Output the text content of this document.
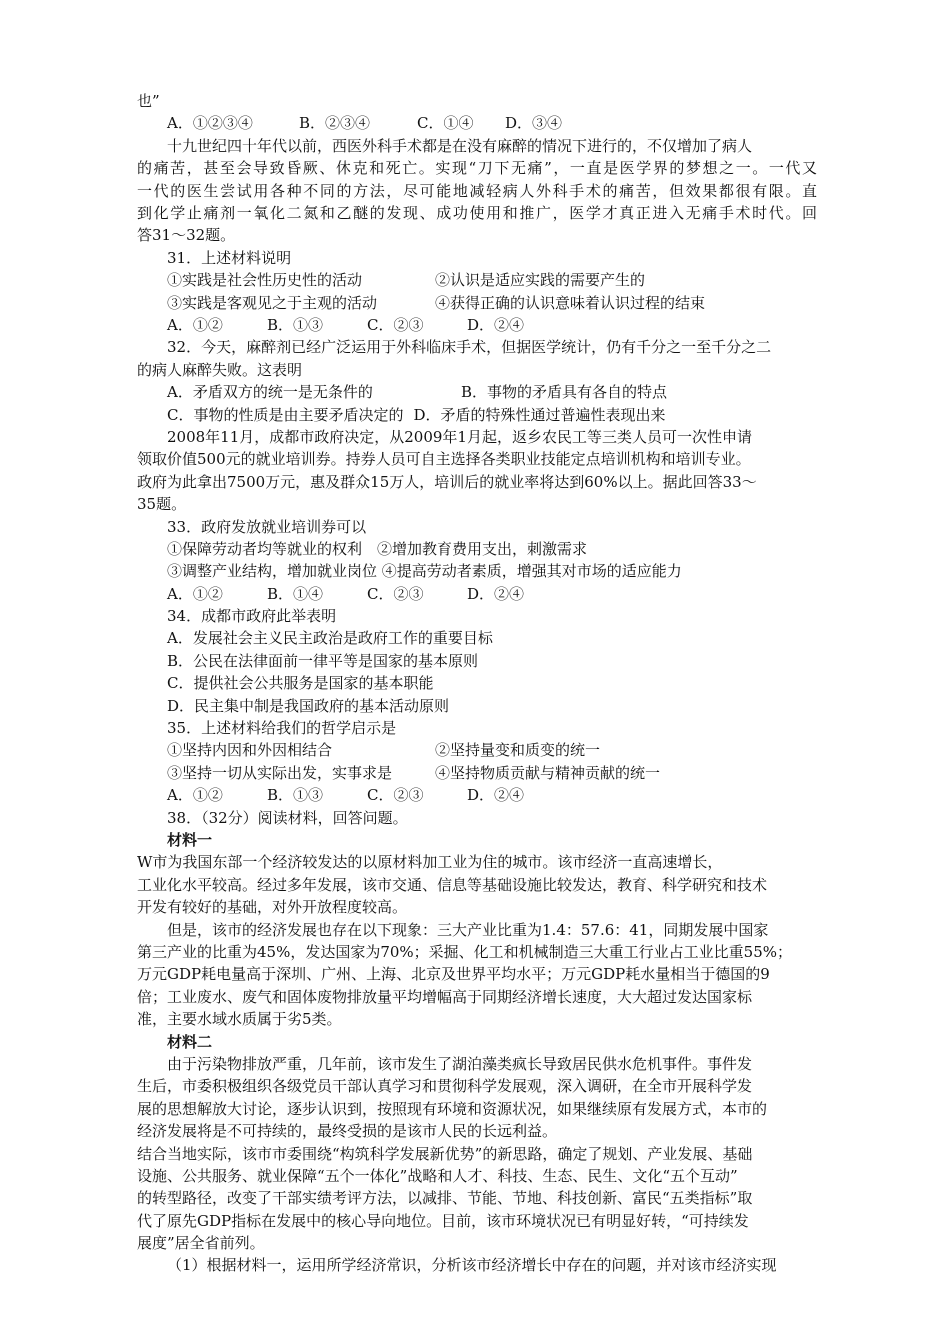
也”
A．①②③④	B．②③④	C．①④	D．③④
十九世纪四十年代以前，西医外科手术都是在没有麻醉的情况下进行的，不仅增加了病人
的痛苦，甚至会导致昏厥、休克和死亡。实现“刀下无痛”，一直是医学界的梦想之一。一代又
一代的医生尝试用各种不同的方法，尽可能地减轻病人外科手术的痛苦，但效果都很有限。直
到化学止痛剂一氧化二氮和乙醚的发现、成功使用和推广，医学才真正进入无痛手术时代。回
答31～32题。
31．上述材料说明
①实践是社会性历史性的活动	②认识是适应实践的需要产生的
③实践是客观见之于主观的活动	④获得正确的认识意味着认识过程的结束
A．①②	B．①③	C．②③	D．②④
32．今天，麻醉剂已经广泛运用于外科临床手术，但据医学统计，仍有千分之一至千分之二
的病人麻醉失败。这表明
A．矛盾双方的统一是无条件的	B．事物的矛盾具有各自的特点
C．事物的性质是由主要矛盾决定的 D．矛盾的特殊性通过普遍性表现出来
2008年11月，成都市政府决定，从2009年1月起，返乡农民工等三类人员可一次性申请
领取价值500元的就业培训券。持券人员可自主选择各类职业技能定点培训机构和培训专业。
政府为此拿出7500万元，惠及群众15万人，培训后的就业率将达到60%以上。据此回答33～
35题。
33．政府发放就业培训券可以
①保障劳动者均等就业的权利　②增加教育费用支出，刺激需求
③调整产业结构，增加就业岗位 ④提高劳动者素质，增强其对市场的适应能力
A．①②	B．①④	C．②③	D．②④
34．成都市政府此举表明
A．发展社会主义民主政治是政府工作的重要目标
B．公民在法律面前一律平等是国家的基本原则
C．提供社会公共服务是国家的基本职能
D．民主集中制是我国政府的基本活动原则
35．上述材料给我们的哲学启示是
①坚持内因和外因相结合	②坚持量变和质变的统一
③坚持一切从实际出发，实事求是	④坚持物质贡献与精神贡献的统一
A．①②	B．①③	C．②③	D．②④
38．（32分）阅读材料，回答问题。
材料一
W市为我国东部一个经济较发达的以原材料加工业为住的城市。该市经济一直高速增长，
工业化水平较高。经过多年发展，该市交通、信息等基础设施比较发达，教育、科学研究和技术
开发有较好的基础，对外开放程度较高。
但是，该市的经济发展也存在以下现象：三大产业比重为1.4：57.6：41，同期发展中国家
第三产业的比重为45%，发达国家为70%；采掘、化工和机械制造三大重工行业占工业比重55%；
万元GDP耗电量高于深圳、广州、上海、北京及世界平均水平；万元GDP耗水量相当于德国的9
倍；工业废水、废气和固体废物排放量平均增幅高于同期经济增长速度，大大超过发达国家标
准，主要水域水质属于劣5类。
材料二
由于污染物排放严重，几年前，该市发生了湖泊藻类疯长导致居民供水危机事件。事件发
生后，市委积极组织各级党员干部认真学习和贯彻科学发展观，深入调研，在全市开展科学发
展的思想解放大讨论，逐步认识到，按照现有环境和资源状况，如果继续原有发展方式，本市的
经济发展将是不可持续的，最终受损的是该市人民的长远利益。
结合当地实际，该市市委围绕“构筑科学发展新优势”的新思路，确定了规划、产业发展、基础
设施、公共服务、就业保障“五个一体化”战略和人才、科技、生态、民生、文化“五个互动”
的转型路径，改变了干部实绩考评方法，以减排、节能、节地、科技创新、富民“五类指标”取
代了原先GDP指标在发展中的核心导向地位。目前，该市环境状况已有明显好转，“可持续发
展度”居全省前列。
（1）根据材料一，运用所学经济常识，分析该市经济增长中存在的问题，并对该市经济实现
